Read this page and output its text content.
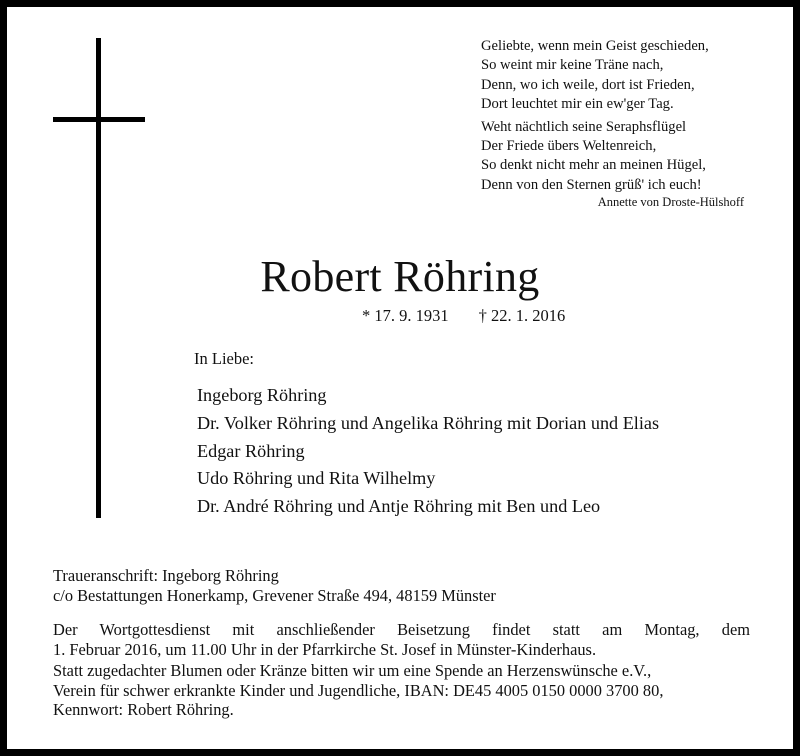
Geliebte, wenn mein Geist geschieden,
So weint mir keine Träne nach,
Denn, wo ich weile, dort ist Frieden,
Dort leuchtet mir ein ew'ger Tag.
Weht nächtlich seine Seraphsflügel
Der Friede übers Weltenreich,
So denkt nicht mehr an meinen Hügel,
Denn von den Sternen grüß' ich euch!
Annette von Droste-Hülshoff
Robert Röhring
* 17. 9. 1931 † 22. 1. 2016
In Liebe:
Ingeborg Röhring
Dr. Volker Röhring und Angelika Röhring mit Dorian und Elias
Edgar Röhring
Udo Röhring und Rita Wilhelmy
Dr. André Röhring und Antje Röhring mit Ben und Leo
Traueranschrift: Ingeborg Röhring
c/o Bestattungen Honerkamp, Grevener Straße 494, 48159 Münster
Der Wortgottesdienst mit anschließender Beisetzung findet statt am Montag, dem
1. Februar 2016, um 11.00 Uhr in der Pfarrkirche St. Josef in Münster-Kinderhaus.
Statt zugedachter Blumen oder Kränze bitten wir um eine Spende an Herzenswünsche e.V.,
Verein für schwer erkrankte Kinder und Jugendliche, IBAN: DE45 4005 0150 0000 3700 80,
Kennwort: Robert Röhring.
